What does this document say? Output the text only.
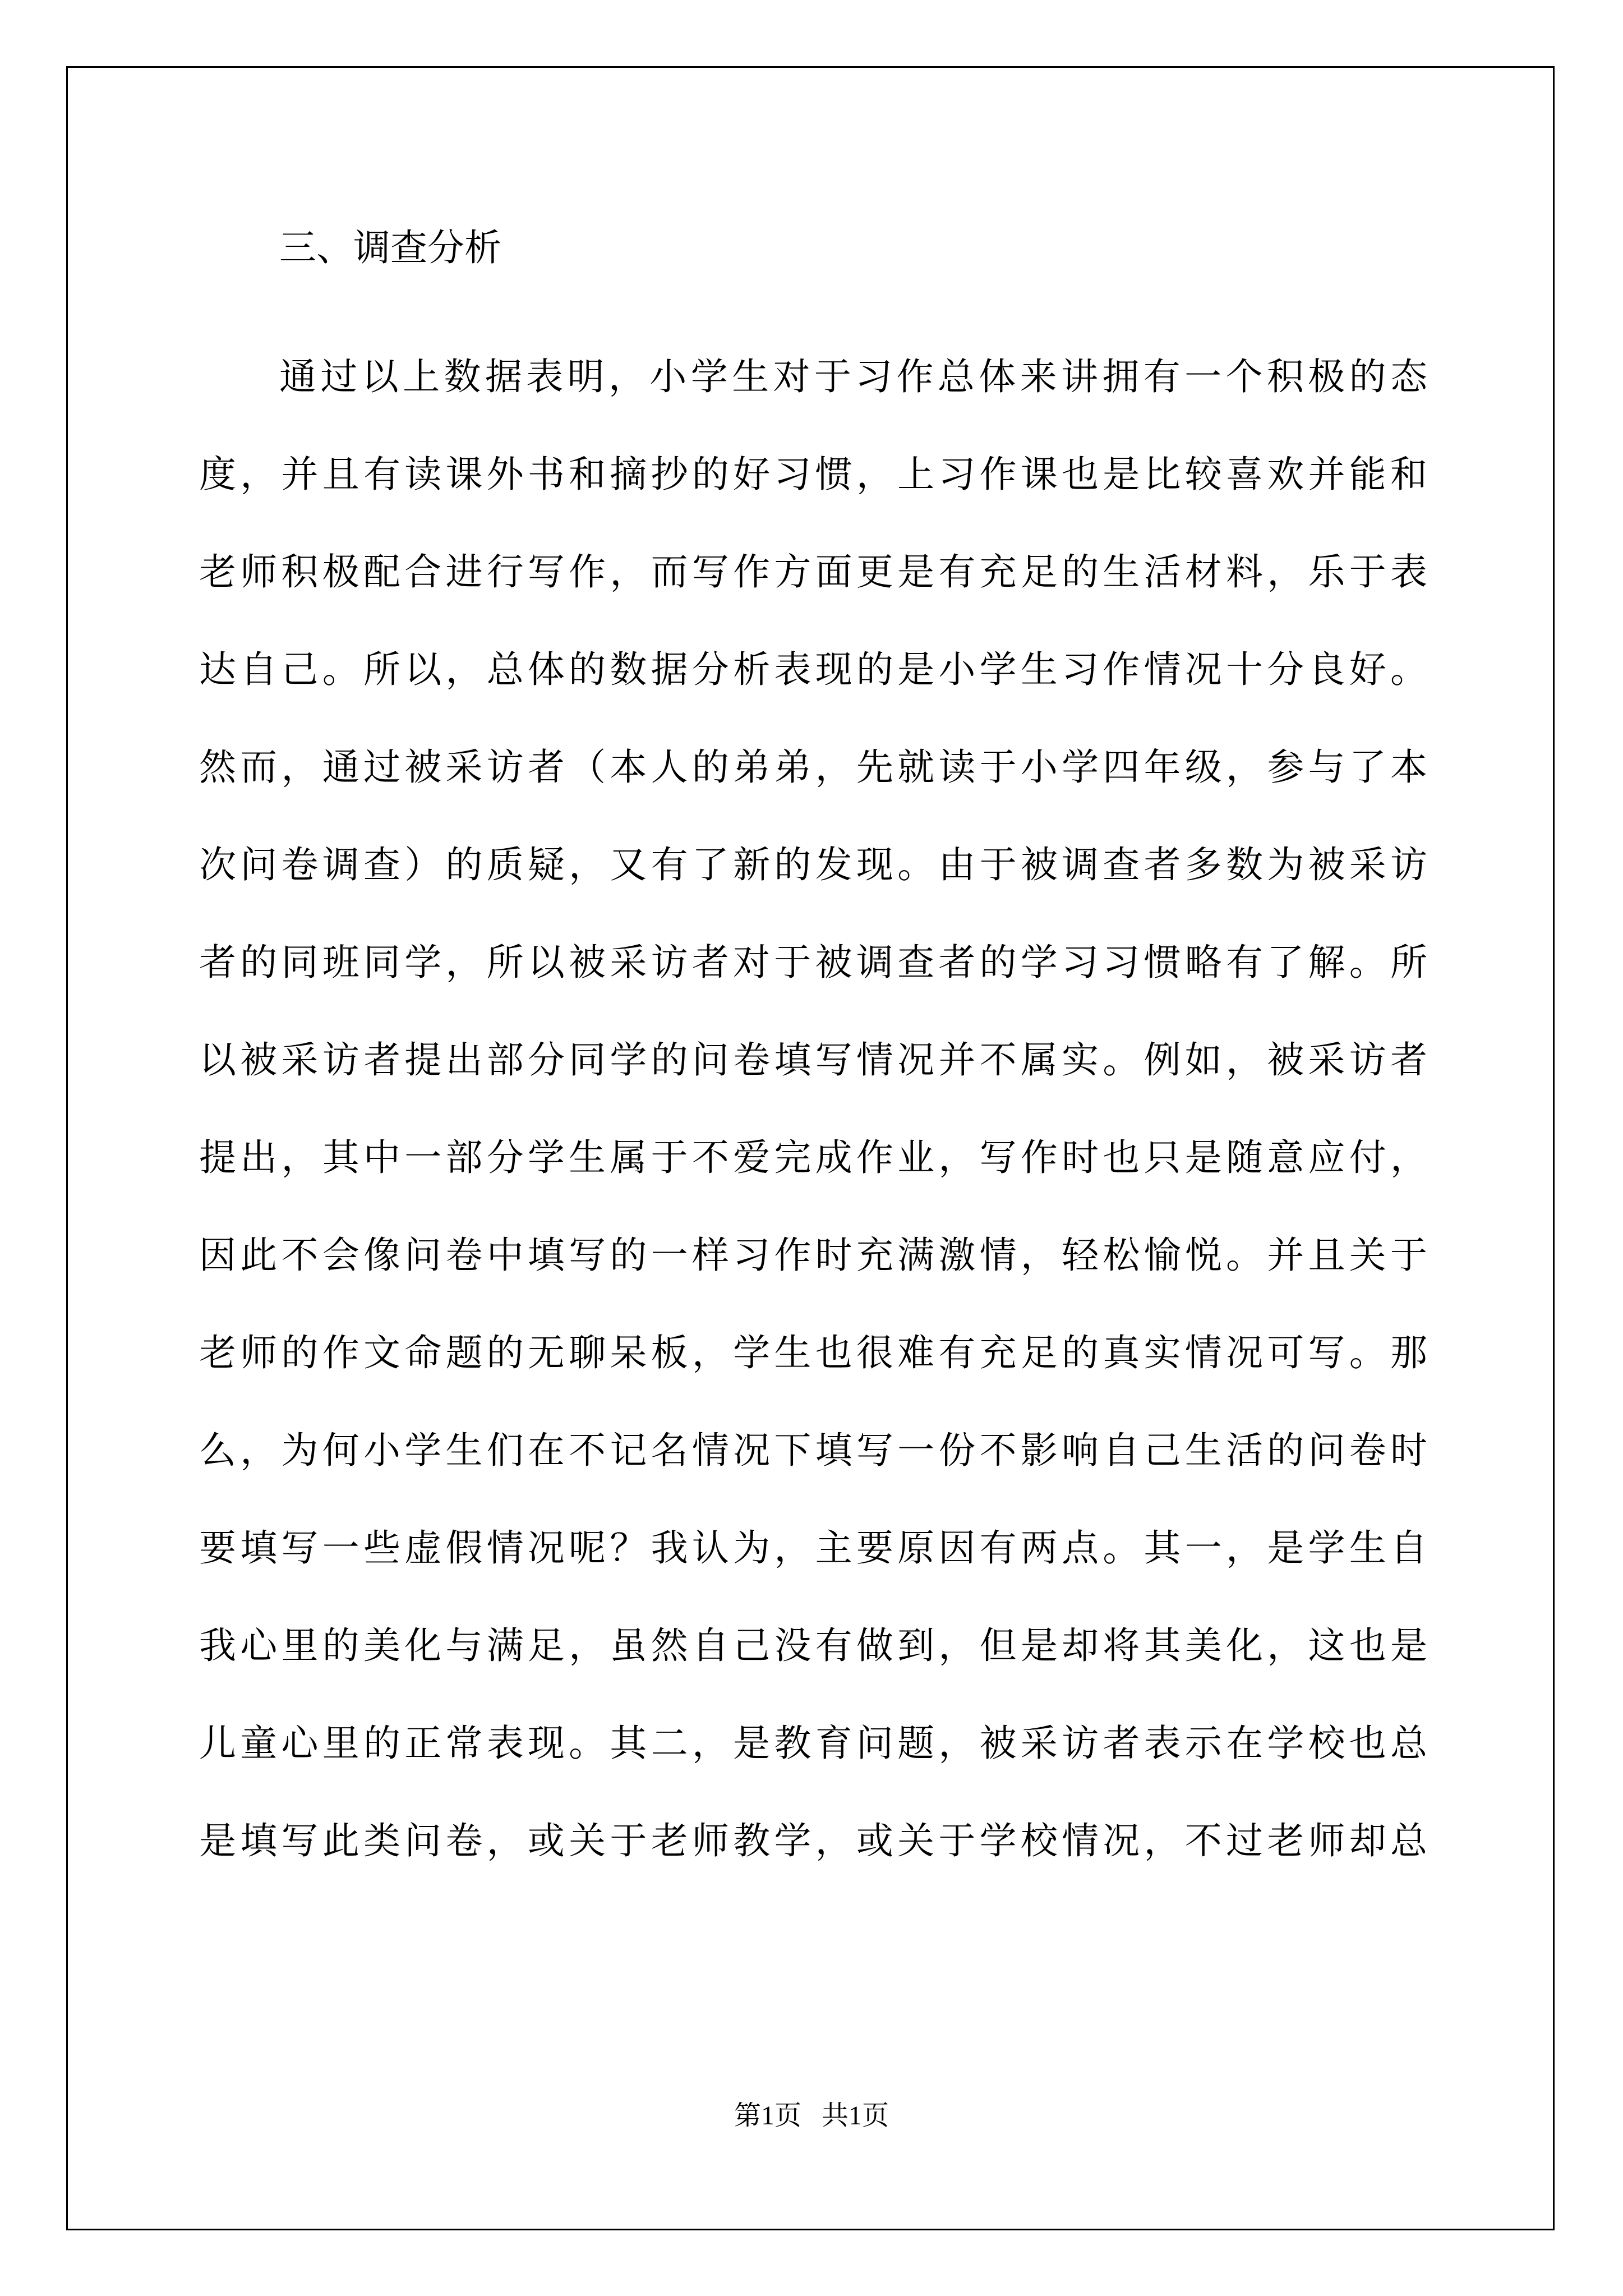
三、调查分析
通过以上数据表明，小学生对于习作总体来讲拥有一个积极的态
度，并且有读课外书和摘抄的好习惯，上习作课也是比较喜欢并能和
老师积极配合进行写作，而写作方面更是有充足的生活材料，乐于表
达自己。所以，总体的数据分析表现的是小学生习作情况十分良好。
然而，通过被采访者（本人的弟弟，先就读于小学四年级，参与了本
次问卷调查）的质疑，又有了新的发现。由于被调查者多数为被采访
者的同班同学，所以被采访者对于被调查者的学习习惯略有了解。所
以被采访者提出部分同学的问卷填写情况并不属实。例如，被采访者
提出，其中一部分学生属于不爱完成作业，写作时也只是随意应付，
因此不会像问卷中填写的一样习作时充满激情，轻松愉悦。并且关于
老师的作文命题的无聊呆板，学生也很难有充足的真实情况可写。那
么，为何小学生们在不记名情况下填写一份不影响自己生活的问卷时
要填写一些虚假情况呢？我认为，主要原因有两点。其一，是学生自
我心里的美化与满足，虽然自己没有做到，但是却将其美化，这也是
儿童心里的正常表现。其二，是教育问题，被采访者表示在学校也总
是填写此类问卷，或关于老师教学，或关于学校情况，不过老师却总
第1页   共1页
